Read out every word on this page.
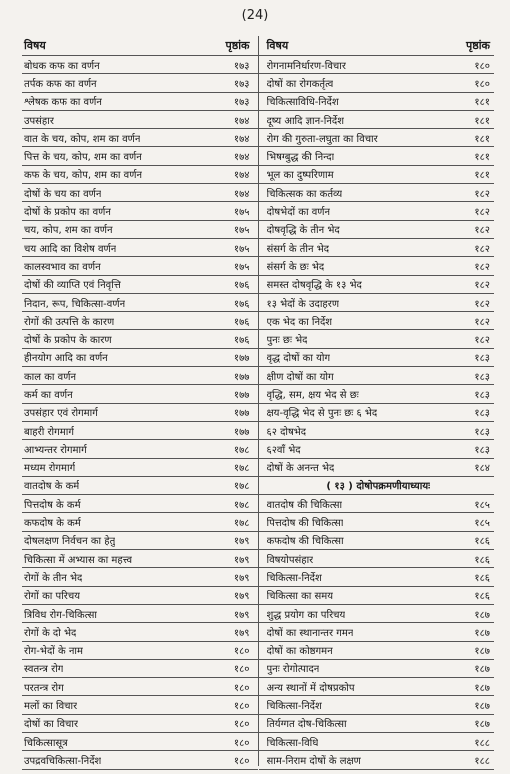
(24)
विषय	पृष्ठांक
बोधक कफ का वर्णन	१७३
तर्पक कफ का वर्णन	१७३
श्लेषक कफ का वर्णन	१७३
उपसंहार	१७४
वात के चय, कोप, शम का वर्णन	१७४
पित्त के चय, कोप, शम का वर्णन	१७४
कफ के चय, कोप, शम का वर्णन	१७४
दोषों के चय का वर्णन	१७४
दोषों के प्रकोप का वर्णन	१७५
चय, कोप, शम का वर्णन	१७५
चय आदि का विशेष वर्णन	१७५
कालस्वभाव का वर्णन	१७५
दोषों की व्याप्ति एवं निवृत्ति	१७६
निदान, रूप, चिकित्सा-वर्णन	१७६
रोगों की उत्पत्ति के कारण	१७६
दोषों के प्रकोप के कारण	१७६
हीनयोग आदि का वर्णन	१७७
काल का वर्णन	१७७
कर्म का वर्णन	१७७
उपसंहार एवं रोगमार्ग	१७७
बाहरी रोगमार्ग	१७७
आभ्यन्तर रोगमार्ग	१७८
मध्यम रोगमार्ग	१७८
वातदोष के कर्म	१७८
पित्तदोष के कर्म	१७८
कफदोष के कर्म	१७८
दोषलक्षण निर्वचन का हेतु	१७९
चिकित्सा में अभ्यास का महत्त्व	१७९
रोगों के तीन भेद	१७९
रोगों का परिचय	१७९
त्रिविध रोग-चिकित्सा	१७९
रोगों के दो भेद	१७९
रोग-भेदों के नाम	१८०
स्वतन्त्र रोग	१८०
परतन्त्र रोग	१८०
मलों का विचार	१८०
दोषों का विचार	१८०
चिकित्सासूत्र	१८०
उपद्रवचिकित्सा-निर्देश	१८०
विषय	पृष्ठांक
रोगनामनिर्धारण-विचार	१८०
दोषों का रोगकर्तृत्व	१८०
चिकित्साविधि-निर्देश	१८१
दूष्य आदि ज्ञान-निर्देश	१८१
रोग की गुरुता-लघुता का विचार	१८१
भिषग्बुद्ध की निन्दा	१८१
भूल का दुष्परिणाम	१८१
चिकित्सक का कर्तव्य	१८२
दोषभेदों का वर्णन	१८२
दोषवृद्धि के तीन भेद	१८२
संसर्ग के तीन भेद	१८२
संसर्ग के छः भेद	१८२
समस्त दोषवृद्धि के १३ भेद	१८२
१३ भेदों के उदाहरण	१८२
एक भेद का निर्देश	१८२
पुनः छः भेद	१८२
वृद्ध दोषों का योग	१८३
क्षीण दोषों का योग	१८३
वृद्धि, सम, क्षय भेद से छः	१८३
क्षय-वृद्धि भेद से पुनः छः ६ भेद	१८३
६२ दोषभेद	१८३
६२वाँ भेद	१८३
दोषों के अनन्त भेद	१८४
( १३ ) दोषोपक्रमणीयाध्यायः
वातदोष की चिकित्सा	१८५
पित्तदोष की चिकित्सा	१८५
कफदोष की चिकित्सा	१८६
विषयोपसंहार	१८६
चिकित्सा-निर्देश	१८६
चिकित्सा का समय	१८६
शुद्ध प्रयोग का परिचय	१८७
दोषों का स्थानान्तर गमन	१८७
दोषों का कोष्ठगमन	१८७
पुनः रोगोत्पादन	१८७
अन्य स्थानों में दोषप्रकोप	१८७
चिकित्सा-निर्देश	१८७
तिर्यग्गत दोष-चिकित्सा	१८७
चिकित्सा-विधि	१८८
साम-निराम दोषों के लक्षण	१८८
